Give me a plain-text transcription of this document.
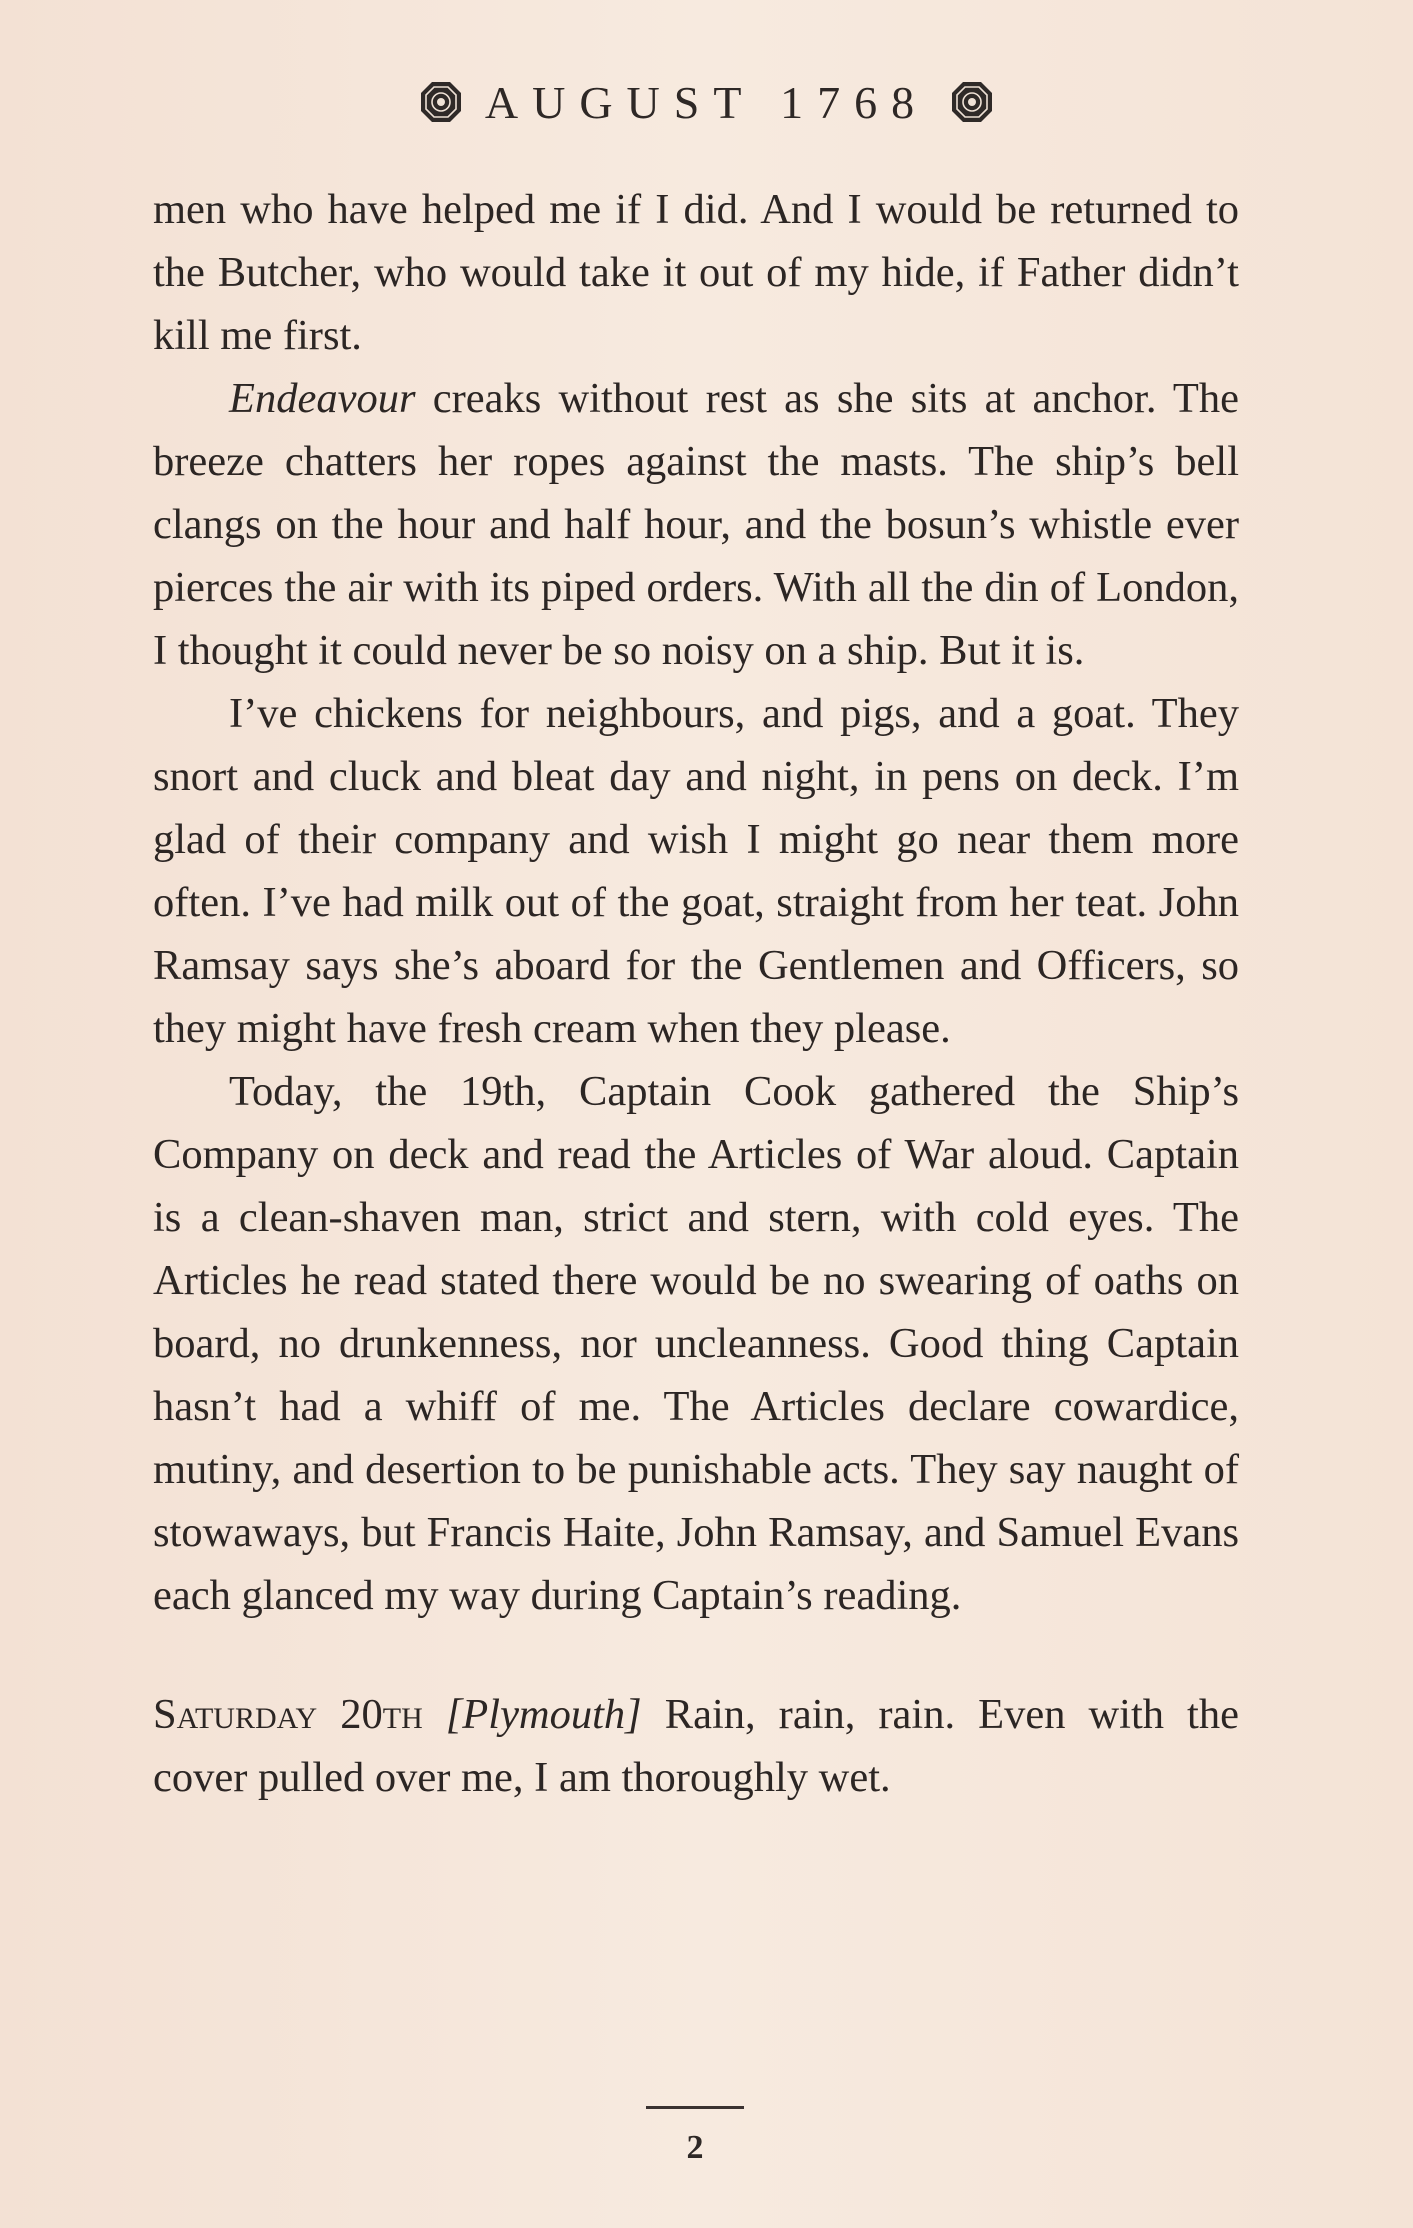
AUGUST 1768

men who have helped me if I did. And I would be returned to the Butcher, who would take it out of my hide, if Father didn’t kill me first.

Endeavour creaks without rest as she sits at anchor. The breeze chatters her ropes against the masts. The ship’s bell clangs on the hour and half hour, and the bosun’s whistle ever pierces the air with its piped orders. With all the din of London, I thought it could never be so noisy on a ship. But it is.

I’ve chickens for neighbours, and pigs, and a goat. They snort and cluck and bleat day and night, in pens on deck. I’m glad of their company and wish I might go near them more often. I’ve had milk out of the goat, straight from her teat. John Ramsay says she’s aboard for the Gentlemen and Officers, so they might have fresh cream when they please.

Today, the 19th, Captain Cook gathered the Ship’s Company on deck and read the Articles of War aloud. Captain is a clean-shaven man, strict and stern, with cold eyes. The Articles he read stated there would be no swearing of oaths on board, no drunkenness, nor uncleanness. Good thing Captain hasn’t had a whiff of me. The Articles declare cowardice, mutiny, and desertion to be punishable acts. They say naught of stowaways, but Francis Haite, John Ramsay, and Samuel Evans each glanced my way during Captain’s reading.

Saturday 20th [Plymouth] Rain, rain, rain. Even with the cover pulled over me, I am thoroughly wet.

2
